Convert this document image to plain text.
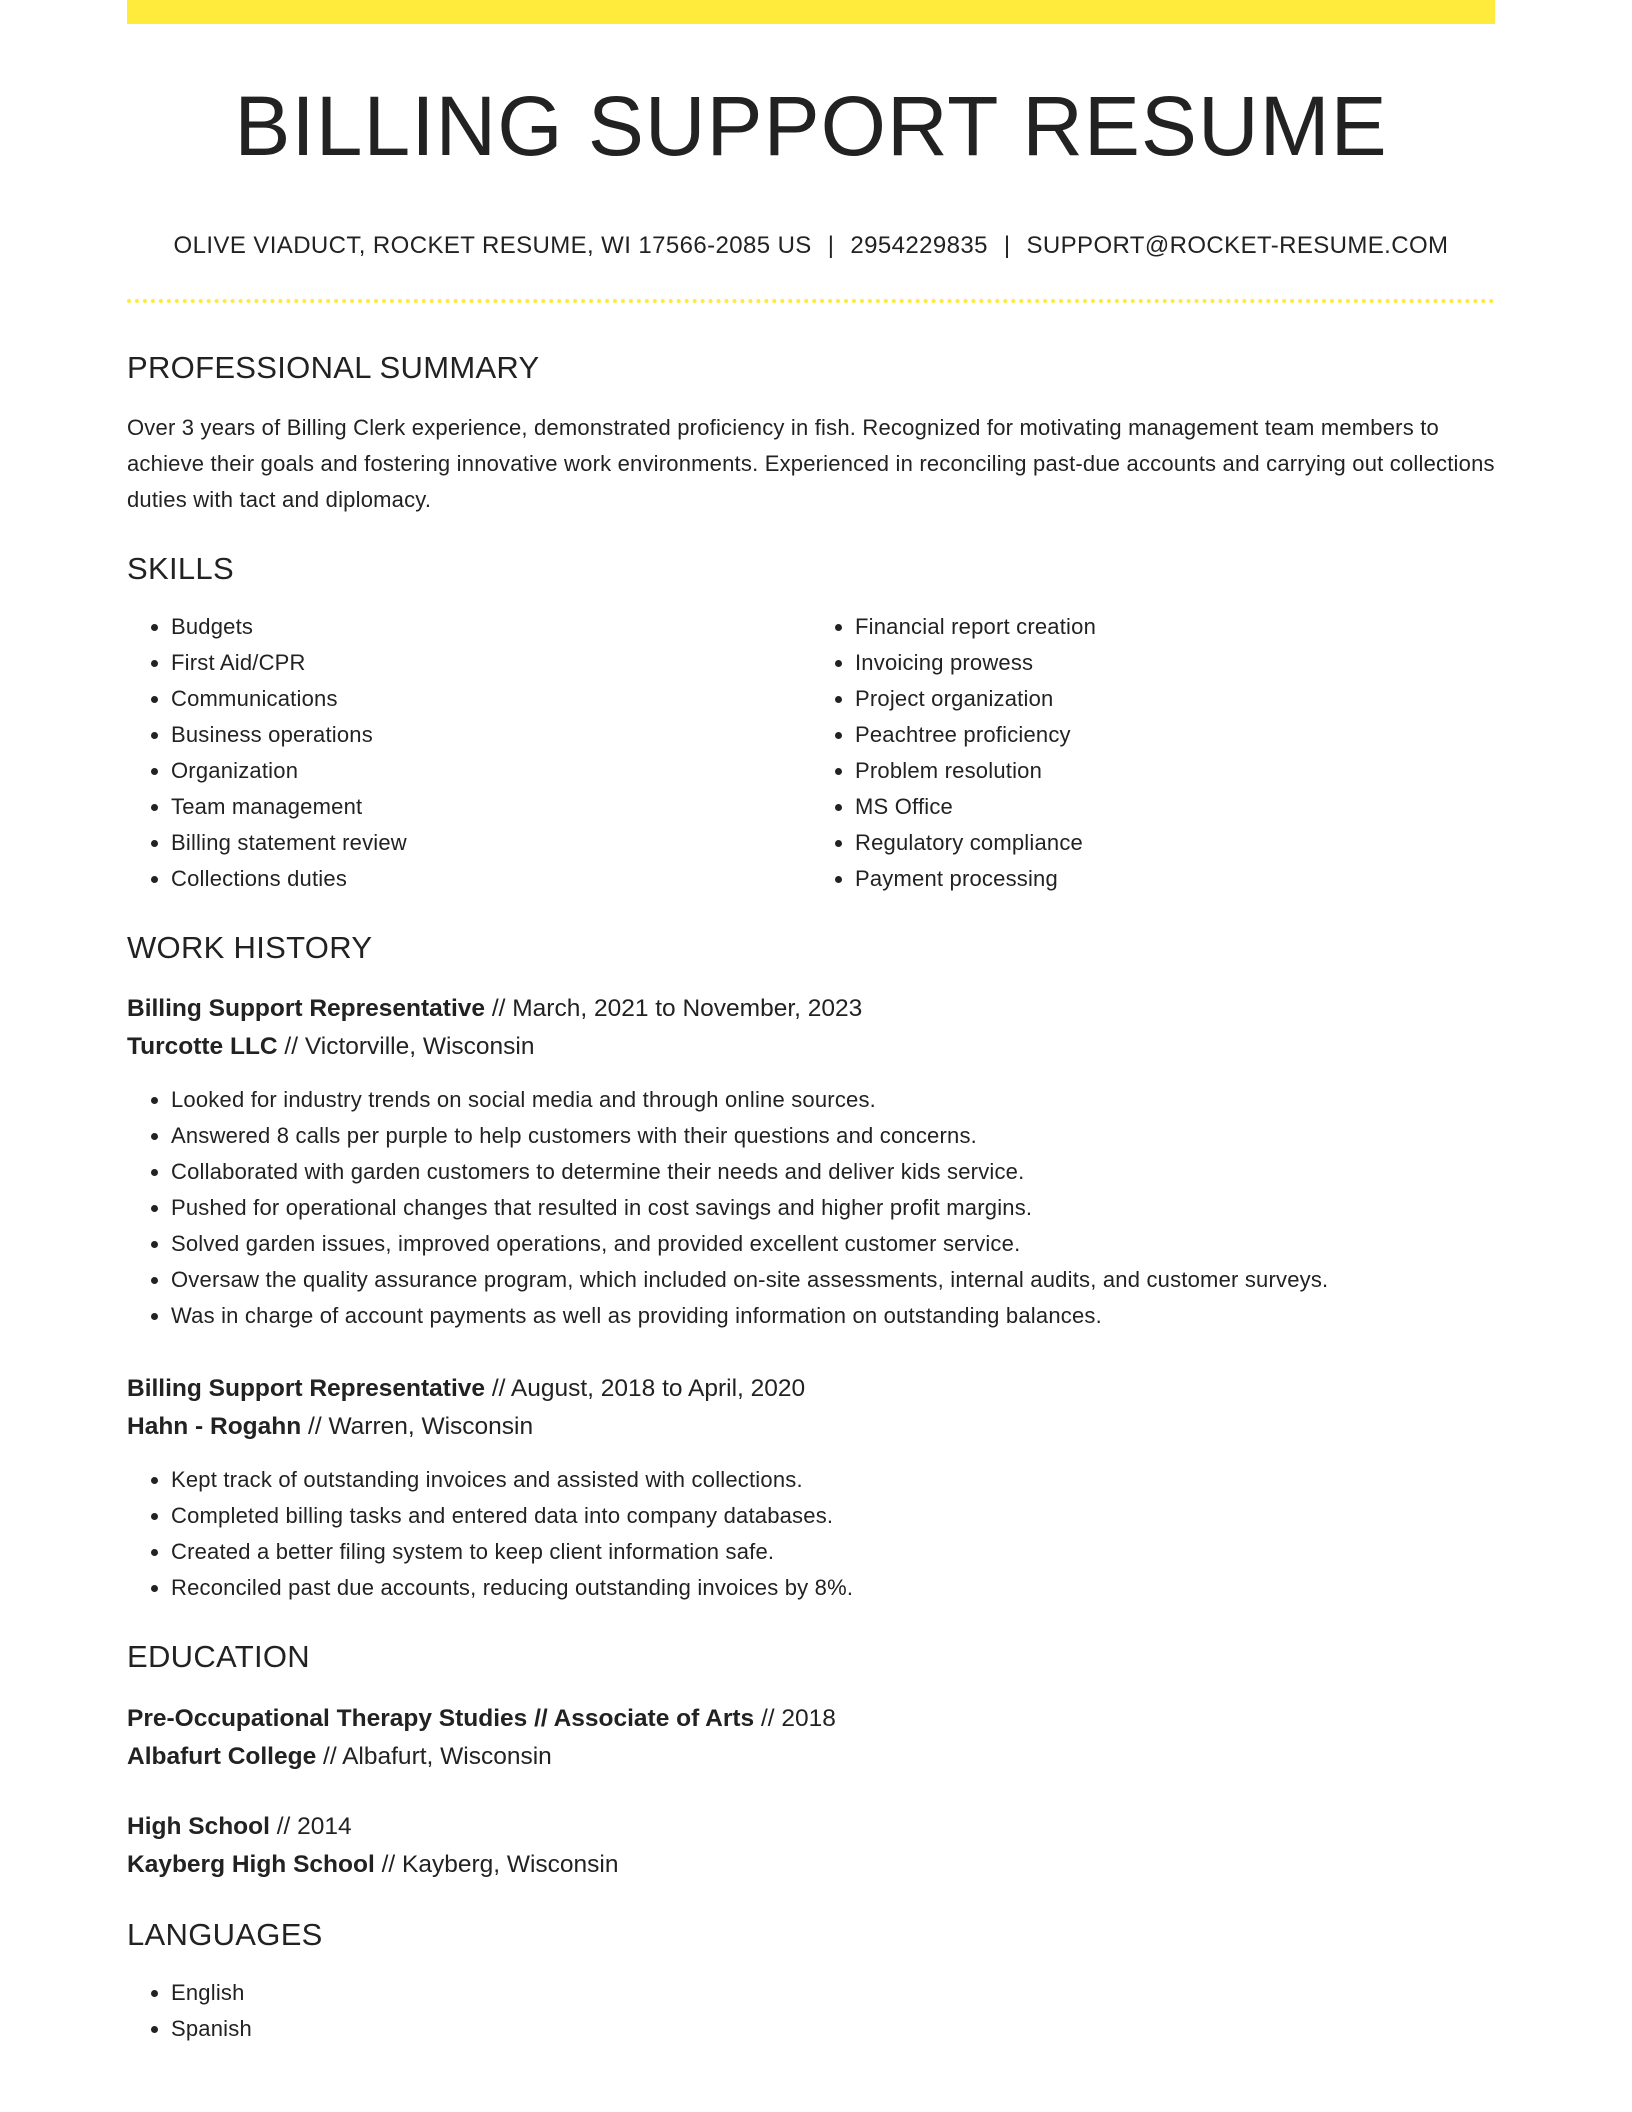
BILLING SUPPORT RESUME
OLIVE VIADUCT, ROCKET RESUME, WI 17566-2085 US | 2954229835 | SUPPORT@ROCKET-RESUME.COM
PROFESSIONAL SUMMARY

Over 3 years of Billing Clerk experience, demonstrated proficiency in fish. Recognized for motivating management team members to achieve their goals and fostering innovative work environments. Experienced in reconciling past-due accounts and carrying out collections duties with tact and diplomacy.

SKILLS
• Budgets
• First Aid/CPR
• Communications
• Business operations
• Organization
• Team management
• Billing statement review
• Collections duties
• Financial report creation
• Invoicing prowess
• Project organization
• Peachtree proficiency
• Problem resolution
• MS Office
• Regulatory compliance
• Payment processing
WORK HISTORY
Billing Support Representative // March, 2021 to November, 2023
Turcotte LLC // Victorville, Wisconsin
• Looked for industry trends on social media and through online sources.
• Answered 8 calls per purple to help customers with their questions and concerns.
• Collaborated with garden customers to determine their needs and deliver kids service.
• Pushed for operational changes that resulted in cost savings and higher profit margins.
• Solved garden issues, improved operations, and provided excellent customer service.
• Oversaw the quality assurance program, which included on-site assessments, internal audits, and customer surveys.
• Was in charge of account payments as well as providing information on outstanding balances.
Billing Support Representative // August, 2018 to April, 2020
Hahn - Rogahn // Warren, Wisconsin
• Kept track of outstanding invoices and assisted with collections.
• Completed billing tasks and entered data into company databases.
• Created a better filing system to keep client information safe.
• Reconciled past due accounts, reducing outstanding invoices by 8%.
EDUCATION
Pre-Occupational Therapy Studies // Associate of Arts // 2018
Albafurt College // Albafurt, Wisconsin
High School // 2014
Kayberg High School // Kayberg, Wisconsin
LANGUAGES
• English
• Spanish
